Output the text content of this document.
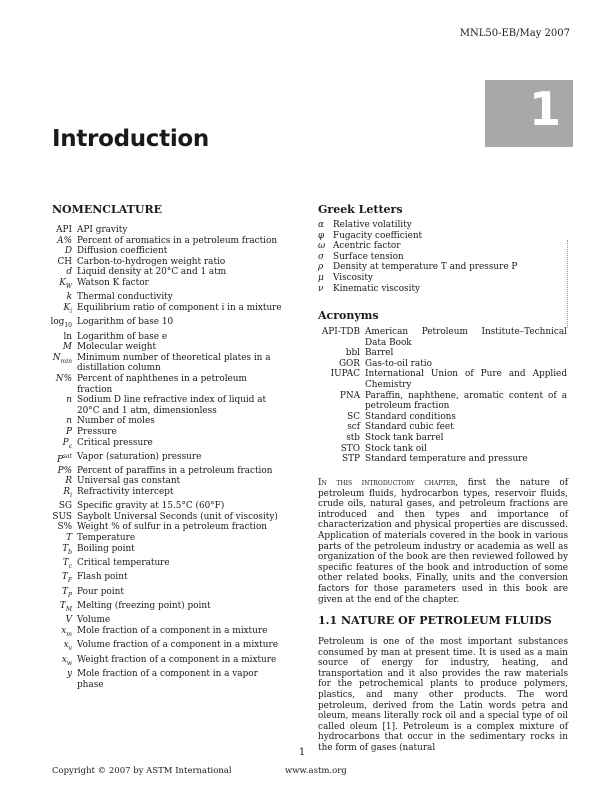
MNL50-EB/May 2007
1
Introduction
NOMENCLATURE
API API gravity
A% Percent of aromatics in a petroleum fraction
D Diffusion coefficient
CH Carbon-to-hydrogen weight ratio
d Liquid density at 20°C and 1 atm
$K_W$ Watson K factor
k Thermal conductivity
$K_i$ Equilibrium ratio of component i in a mixture
$\log_{10}$ Logarithm of base 10
ln Logarithm of base e
M Molecular weight
$N_{min}$ Minimum number of theoretical plates in a distillation column
N% Percent of naphthenes in a petroleum fraction
n Sodium D line refractive index of liquid at 20°C and 1 atm, dimensionless
n Number of moles
P Pressure
$P_c$ Critical pressure
$P^{sat}$ Vapor (saturation) pressure
P% Percent of paraffins in a petroleum fraction
R Universal gas constant
$R_i$ Refractivity intercept
SG Specific gravity at 15.5°C (60°F)
SUS Saybolt Universal Seconds (unit of viscosity)
S% Weight % of sulfur in a petroleum fraction
T Temperature
$T_b$ Boiling point
$T_c$ Critical temperature
$T_F$ Flash point
$T_P$ Pour point
$T_M$ Melting (freezing point) point
V Volume
$x_m$ Mole fraction of a component in a mixture
$x_v$ Volume fraction of a component in a mixture
$x_w$ Weight fraction of a component in a mixture
y Mole fraction of a component in a vapor phase
Greek Letters
α	Relative volatility
φ Fugacity coefficient
ω Acentric factor
σ	Surface tension
ρ	Density at temperature T and pressure P
μ	Viscosity
ν	Kinematic viscosity
Acronyms
API-TDB American Petroleum Institute–Technical Data Book
bbl Barrel
GOR Gas-to-oil ratio
IUPAC International Union of Pure and Applied Chemistry
PNA Paraffin, naphthene, aromatic content of a petroleum fraction
SC Standard conditions
scf Standard cubic feet
stb Stock tank barrel
STO Stock tank oil
STP Standard temperature and pressure
In this introductory chapter, first the nature of petroleum fluids, hydrocarbon types, reservoir fluids, crude oils, natural gases, and petroleum fractions are introduced and then types and importance of characterization and physical properties are discussed. Application of materials covered in the book in various parts of the petroleum industry or academia as well as organization of the book are then reviewed followed by specific features of the book and introduction of some other related books. Finally, units and the conversion factors for those parameters used in this book are given at the end of the chapter.
1.1 NATURE OF PETROLEUM FLUIDS
Petroleum is one of the most important substances consumed by man at present time. It is used as a main source of energy for industry, heating, and transportation and it also provides the raw materials for the petrochemical plants to produce polymers, plastics, and many other products. The word petroleum, derived from the Latin words petra and oleum, means literally rock oil and a special type of oil called oleum [1]. Petroleum is a complex mixture of hydrocarbons that occur in the sedimentary rocks in the form of gases (natural
1
Copyright © 2007 by ASTM International	www.astm.org
